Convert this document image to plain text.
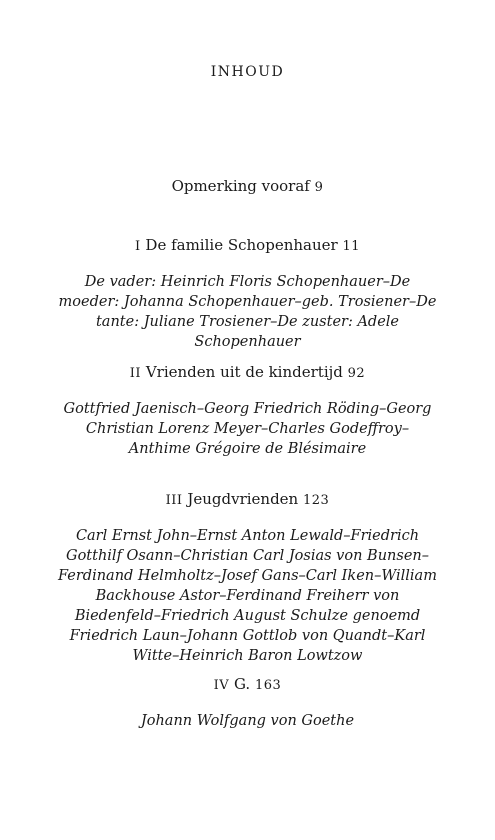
INHOUD
Opmerking vooraf 9
I De familie Schopenhauer 11
De vader: Heinrich Floris Schopenhauer–De moeder: Johanna Schopenhauer–geb. Trosiener–De tante: Juliane Trosiener–De zuster: Adele Schopenhauer
II Vrienden uit de kindertijd 92
Gottfried Jaenisch–Georg Friedrich Röding–Georg Christian Lorenz Meyer–Charles Godeffroy–Anthime Grégoire de Blésimaire
III Jeugdvrienden 123
Carl Ernst John–Ernst Anton Lewald–Friedrich Gotthilf Osann–Christian Carl Josias von Bunsen–Ferdinand Helmholtz–Josef Gans–Carl Iken–William Backhouse Astor–Ferdinand Freiherr von Biedenfeld–Friedrich August Schulze genoemd Friedrich Laun–Johann Gottlob von Quandt–Karl Witte–Heinrich Baron Lowtzow
IV G. 163
Johann Wolfgang von Goethe
